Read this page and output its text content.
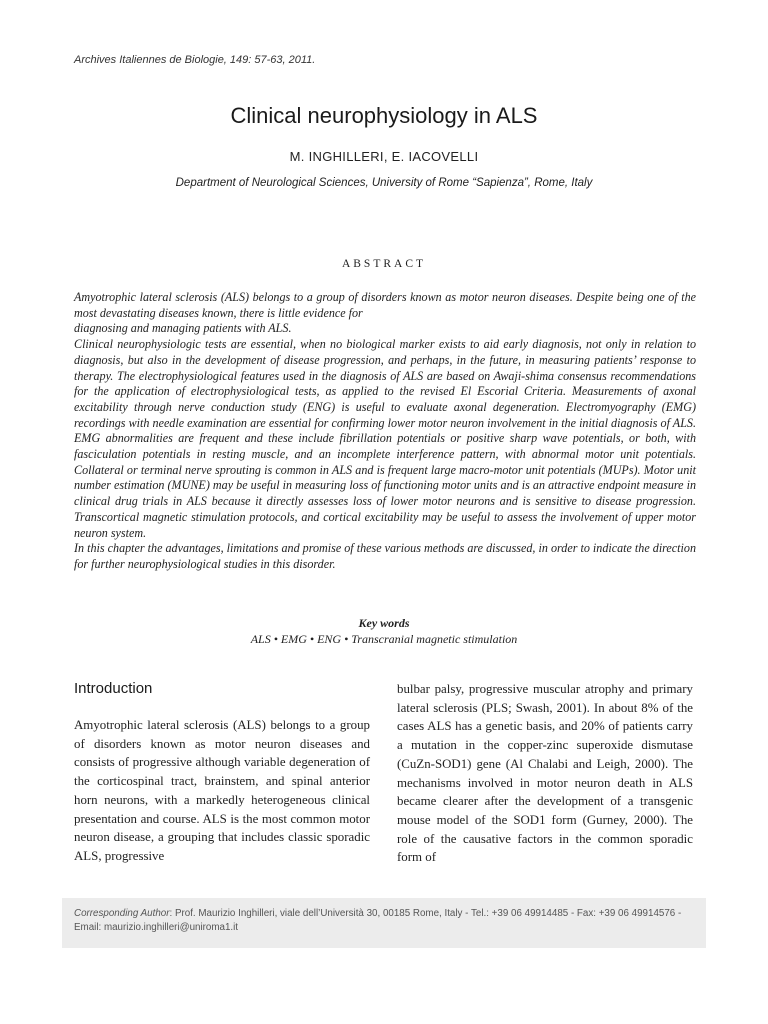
Archives Italiennes de Biologie, 149: 57-63, 2011.
Clinical neurophysiology in ALS
M. INGHILLERI, E. IACOVELLI
Department of Neurological Sciences, University of Rome “Sapienza”, Rome, Italy
ABSTRACT

Amyotrophic lateral sclerosis (ALS) belongs to a group of disorders known as motor neuron diseases. Despite being one of the most devastating diseases known, there is little evidence for

diagnosing and managing patients with ALS.

Clinical neurophysiologic tests are essential, when no biological marker exists to aid early diagnosis, not only in relation to diagnosis, but also in the development of disease progression, and perhaps, in the future, in measuring patients’ response to therapy. The electrophysiological features used in the diagnosis of ALS are based on Awaji-shima consensus recommendations for the application of electrophysiological tests, as applied to the revised El Escorial Criteria. Measurements of axonal excitability through nerve conduction study (ENG) is useful to evaluate axonal degeneration. Electromyography (EMG) recordings with needle examination are essential for confirming lower motor neuron involvement in the initial diagnosis of ALS. EMG abnormalities are frequent and these include fibrillation potentials or positive sharp wave potentials, or both, with fasciculation potentials in resting muscle, and an incomplete interference pattern, with abnormal motor unit potentials. Collateral or terminal nerve sprouting is common in ALS and is frequent large macro-motor unit potentials (MUPs). Motor unit number estimation (MUNE) may be useful in measuring loss of functioning motor units and is an attractive endpoint measure in clinical drug trials in ALS because it directly assesses loss of lower motor neurons and is sensitive to disease progression. Transcortical magnetic stimulation protocols, and cortical excitability may be useful to assess the involvement of upper motor neuron system.

In this chapter the advantages, limitations and promise of these various methods are discussed, in order to indicate the direction for further neurophysiological studies in this disorder.

Key words
ALS • EMG • ENG • Transcranial magnetic stimulation
Introduction

Amyotrophic lateral sclerosis (ALS) belongs to a group of disorders known as motor neuron diseases and consists of progressive although variable degeneration of the corticospinal tract, brainstem, and spinal anterior horn neurons, with a markedly heterogeneous clinical presentation and course. ALS is the most common motor neuron disease, a grouping that includes classic sporadic ALS, progressive

bulbar palsy, progressive muscular atrophy and primary lateral sclerosis (PLS; Swash, 2001). In about 8% of the cases ALS has a genetic basis, and 20% of patients carry a mutation in the copper-zinc superoxide dismutase (CuZn-SOD1) gene (Al Chalabi and Leigh, 2000). The mechanisms involved in motor neuron death in ALS became clearer after the development of a transgenic mouse model of the SOD1 form (Gurney, 2000). The role of the causative factors in the common sporadic form of

Corresponding Author: Prof. Maurizio Inghilleri, viale dell’Università 30, 00185 Rome, Italy - Tel.: +39 06 49914485 - Fax: +39 06 49914576 - Email: maurizio.inghilleri@uniroma1.it
